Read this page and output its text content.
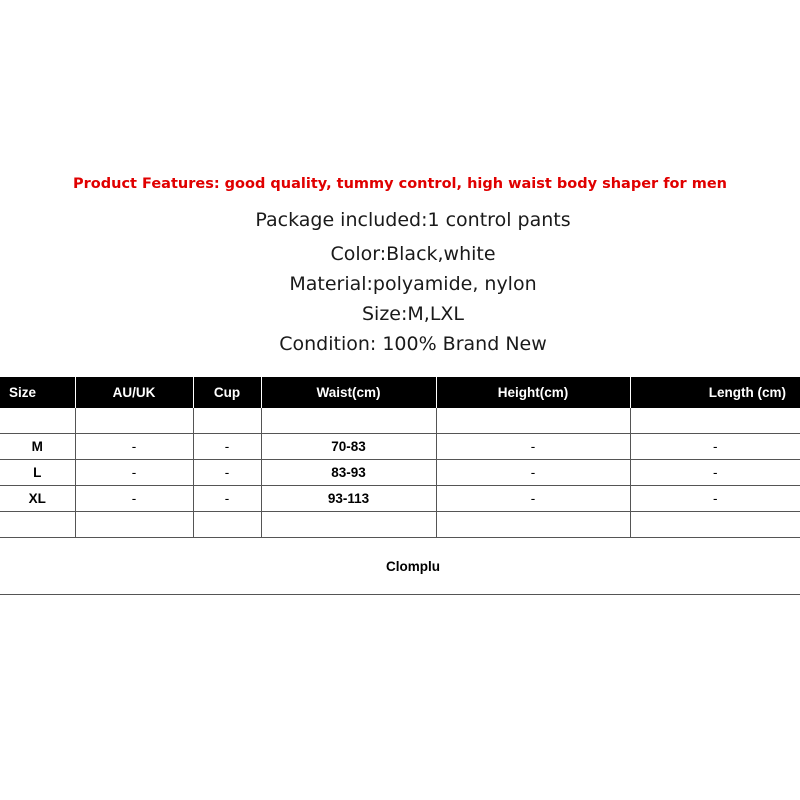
Product Features: good quality, tummy control, high waist body shaper for men
Package included:1 control pants
Color:Black,white
Material:polyamide, nylon
Size:M,LXL
Condition: 100% Brand New
Size	AU/UK	Cup	Waist(cm)	Height(cm)	Length (cm)

M	-	-	70-83	-	-
L	-	-	83-93	-	-
XL	-	-	93-113	-	-

Clomplu
